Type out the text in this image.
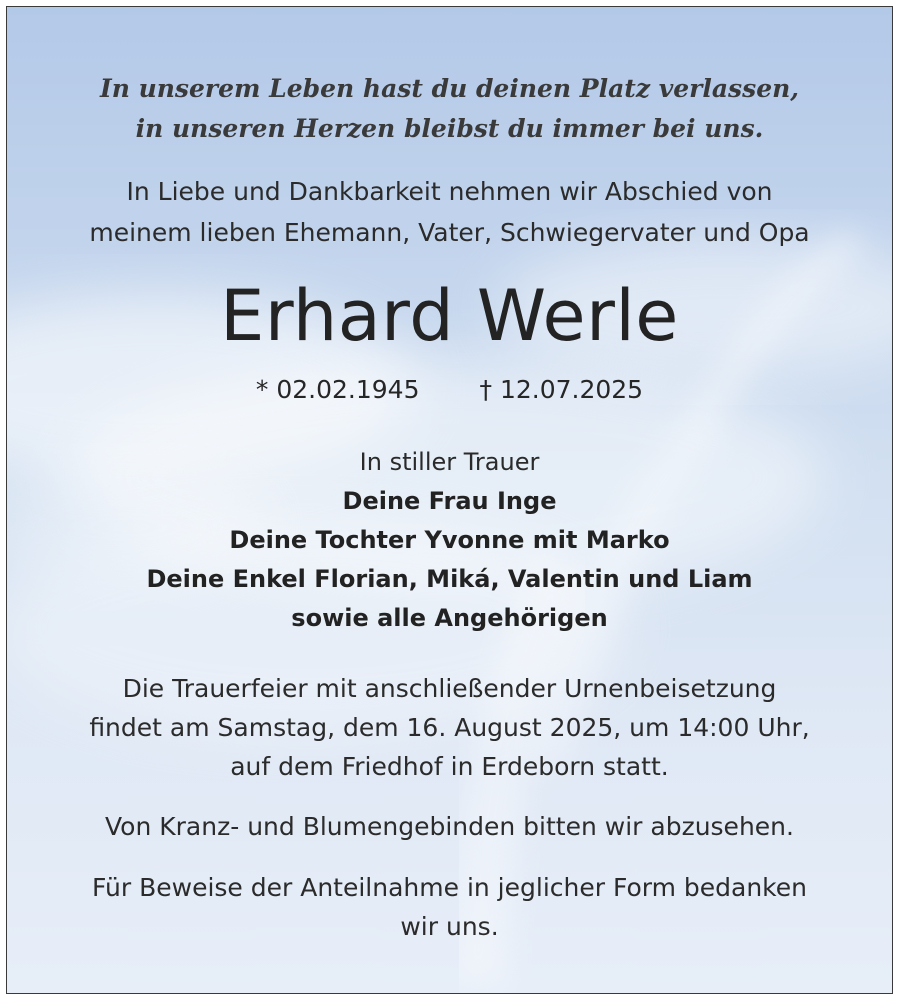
In unserem Leben hast du deinen Platz verlassen,
in unseren Herzen bleibst du immer bei uns.
In Liebe und Dankbarkeit nehmen wir Abschied von
meinem lieben Ehemann, Vater, Schwiegervater und Opa
Erhard Werle
* 02.02.1945 † 12.07.2025
In stiller Trauer
Deine Frau Inge
Deine Tochter Yvonne mit Marko
Deine Enkel Florian, Miká, Valentin und Liam
sowie alle Angehörigen
Die Trauerfeier mit anschließender Urnenbeisetzung
findet am Samstag, dem 16. August 2025, um 14:00 Uhr,
auf dem Friedhof in Erdeborn statt.
Von Kranz- und Blumengebinden bitten wir abzusehen.
Für Beweise der Anteilnahme in jeglicher Form bedanken
wir uns.
